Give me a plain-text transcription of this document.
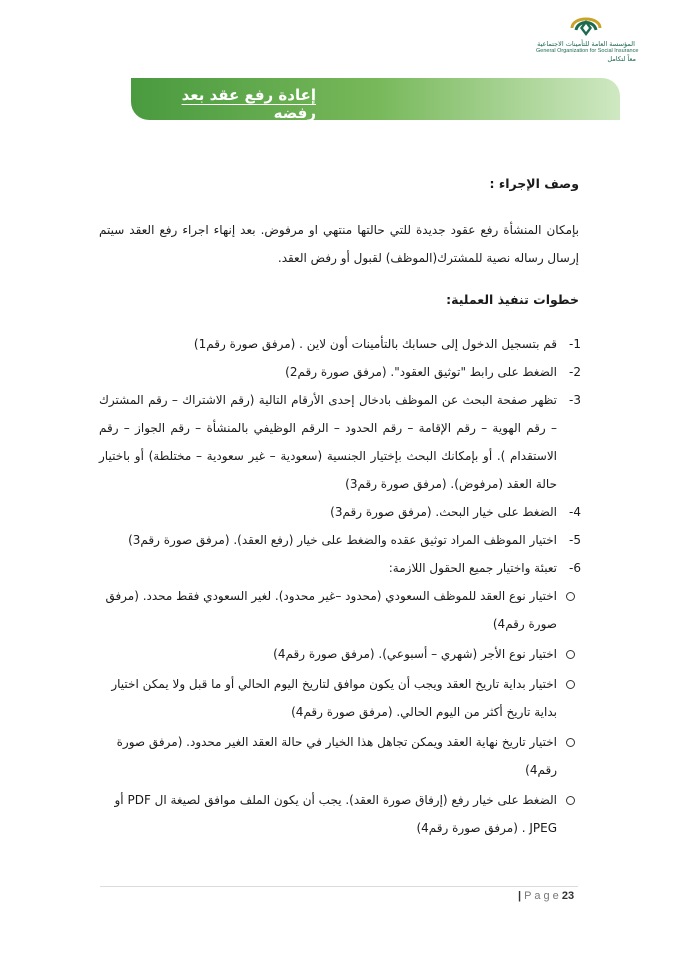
المؤسسة العامة للتأمينات الاجتماعية
General Organization for Social Insurance
معاً لتكامل
إعادة رفع عقد بعد رفضه
وصف الإجراء :
بإمكان المنشأة رفع عقود جديدة للتي حالتها منتهي او مرفوض. بعد إنهاء اجراء رفع العقد سيتم إرسال رساله نصية للمشترك(الموظف) لقبول أو رفض العقد.
خطوات تنفيذ العملية:
1-
قم بتسجيل الدخول إلى حسابك بالتأمينات أون لاين . (مرفق صورة رقم1)
2-
الضغط على رابط "توثيق العقود". (مرفق صورة رقم2)
3-
تظهر صفحة البحث عن الموظف بادخال إحدى الأرقام التالية (رقم الاشتراك – رقم المشترك – رقم الهوية – رقم الإقامة – رقم الحدود – الرقم الوظيفي بالمنشأة – رقم الجواز – رقم الاستقدام ). أو بإمكانك البحث بإختيار الجنسية (سعودية – غير سعودية – مختلطة) أو باختيار حالة العقد (مرفوض). (مرفق صورة رقم3)
4-
الضغط على خيار البحث. (مرفق صورة رقم3)
5-
اختيار الموظف المراد توثيق عقده والضغط على خيار (رفع العقد). (مرفق صورة رقم3)
6-
تعبئة واختيار جميع الحقول اللازمة:
اختيار نوع العقد للموظف السعودي (محدود –غير محدود). لغير السعودي فقط محدد. (مرفق صورة رقم4)
اختيار نوع الأجر (شهري – أسبوعي). (مرفق صورة رقم4)
اختيار بداية تاريخ العقد ويجب أن يكون موافق لتاريخ اليوم الحالي أو ما قبل ولا يمكن اختيار بداية تاريخ أكثر من اليوم الحالي. (مرفق صورة رقم4)
اختيار تاريخ نهاية العقد ويمكن تجاهل هذا الخيار في حالة العقد الغير محدود. (مرفق صورة رقم4)
الضغط على خيار رفع (إرفاق صورة العقد). يجب أن يكون الملف موافق لصيغة ال PDF أو JPEG . (مرفق صورة رقم4)
| P a g e 23
